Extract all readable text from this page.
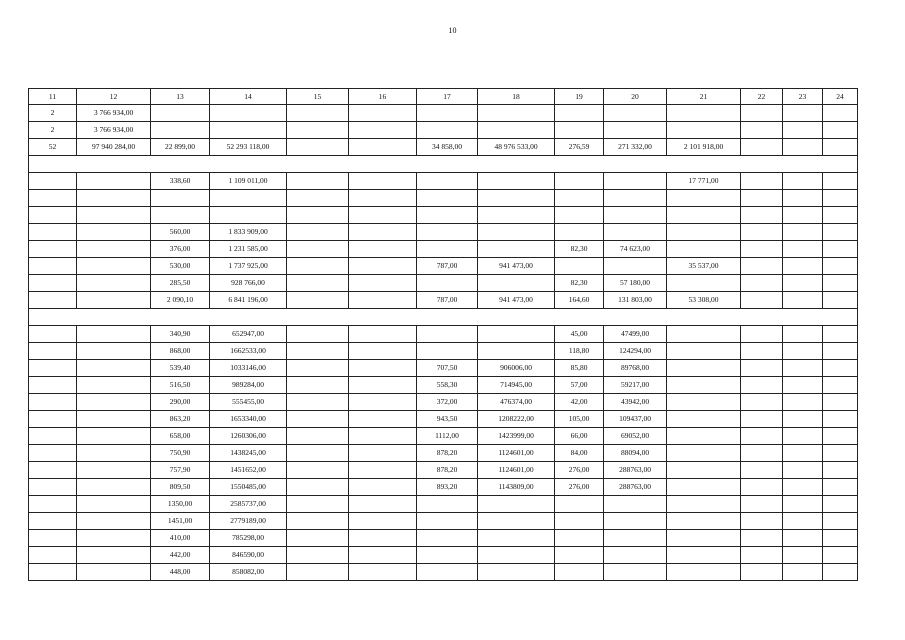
10
11	12	13	14	15	16	17	18	19	20	21	22	23	24
2	3 766 934,00												
2	3 766 934,00												
52	97 940 284,00	22 899,00	52 293 118,00			34 858,00	48 976 533,00	276,59	271 332,00	2 101 918,00			

		338,60	1 109 011,00							17 771,00			

		560,00	1 833 909,00										
		376,00	1 231 585,00					82,30	74 623,00				
		530,00	1 737 925,00			787,00	941 473,00			35 537,00			
		285,50	928 766,00					82,30	57 180,00				
		2 090,10	6 841 196,00			787,00	941 473,00	164,60	131 803,00	53 308,00			

		340,90	652947,00					45,00	47499,00				
		868,00	1662533,00					118,80	124294,00				
		539,40	1033146,00			707,50	906006,00	85,80	89768,00				
		516,50	989284,00			558,30	714945,00	57,00	59217,00				
		290,00	555455,00			372,00	476374,00	42,00	43942,00				
		863,20	1653340,00			943,50	1208222,00	105,00	109437,00				
		658,00	1260306,00			1112,00	1423999,00	66,00	69052,00				
		750,90	1438245,00			878,20	1124601,00	84,00	88094,00				
		757,90	1451652,00			878,20	1124601,00	276,00	288763,00				
		809,50	1550485,00			893,20	1143809,00	276,00	288763,00				
		1350,00	2585737,00										
		1451,00	2779189,00										
		410,00	785298,00										
		442,00	846590,00										
		448,00	858082,00										
